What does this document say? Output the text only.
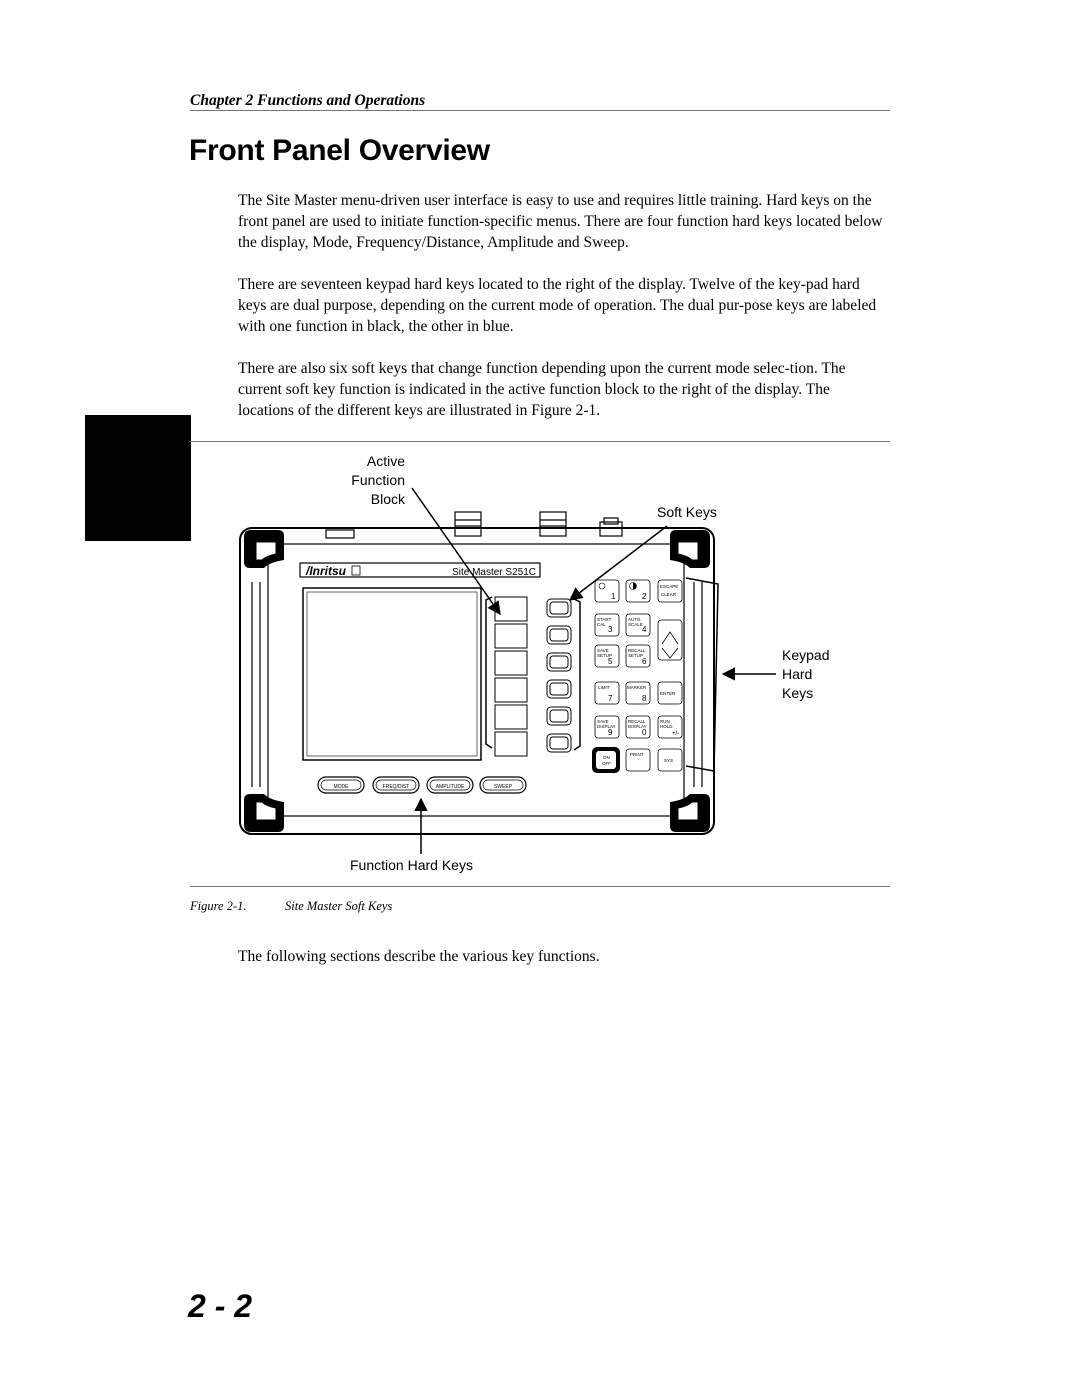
Chapter 2 Functions and Operations
Front Panel Overview
The Site Master menu-driven user interface is easy to use and requires little training. Hard keys on the front panel are used to initiate function-specific menus. There are four function hard keys located below the display, Mode, Frequency/Distance, Amplitude and Sweep.
There are seventeen keypad hard keys located to the right of the display. Twelve of the key-pad hard keys are dual purpose, depending on the current mode of operation. The dual pur-pose keys are labeled with one function in black, the other in blue.
There are also six soft keys that change function depending upon the current mode selec-tion. The current soft key function is indicated in the active function block to the right of the display. The locations of the different keys are illustrated in Figure 2-1.
Active
Function
Block
Soft Keys
Keypad
Hard
Keys
Function Hard Keys
/Inritsu	Site Master S251C
1	2
ESCAPE
CLEAR
START
CAL
3
AUTO
SCALE
4
SAVE
SETUP
5
RECALL
SETUP
6
LIMIT
7
MARKER
8
ENTER
SAVE
DISPLAY
9
RECALL
DISPLAY
0
RUN
HOLD
+/-
ON
OFF
PRINT
SYS
MODE	FREQ/DIST	AMPLITUDE	SWEEP
Figure 2-1.	Site Master Soft Keys
The following sections describe the various key functions.
2 - 2
